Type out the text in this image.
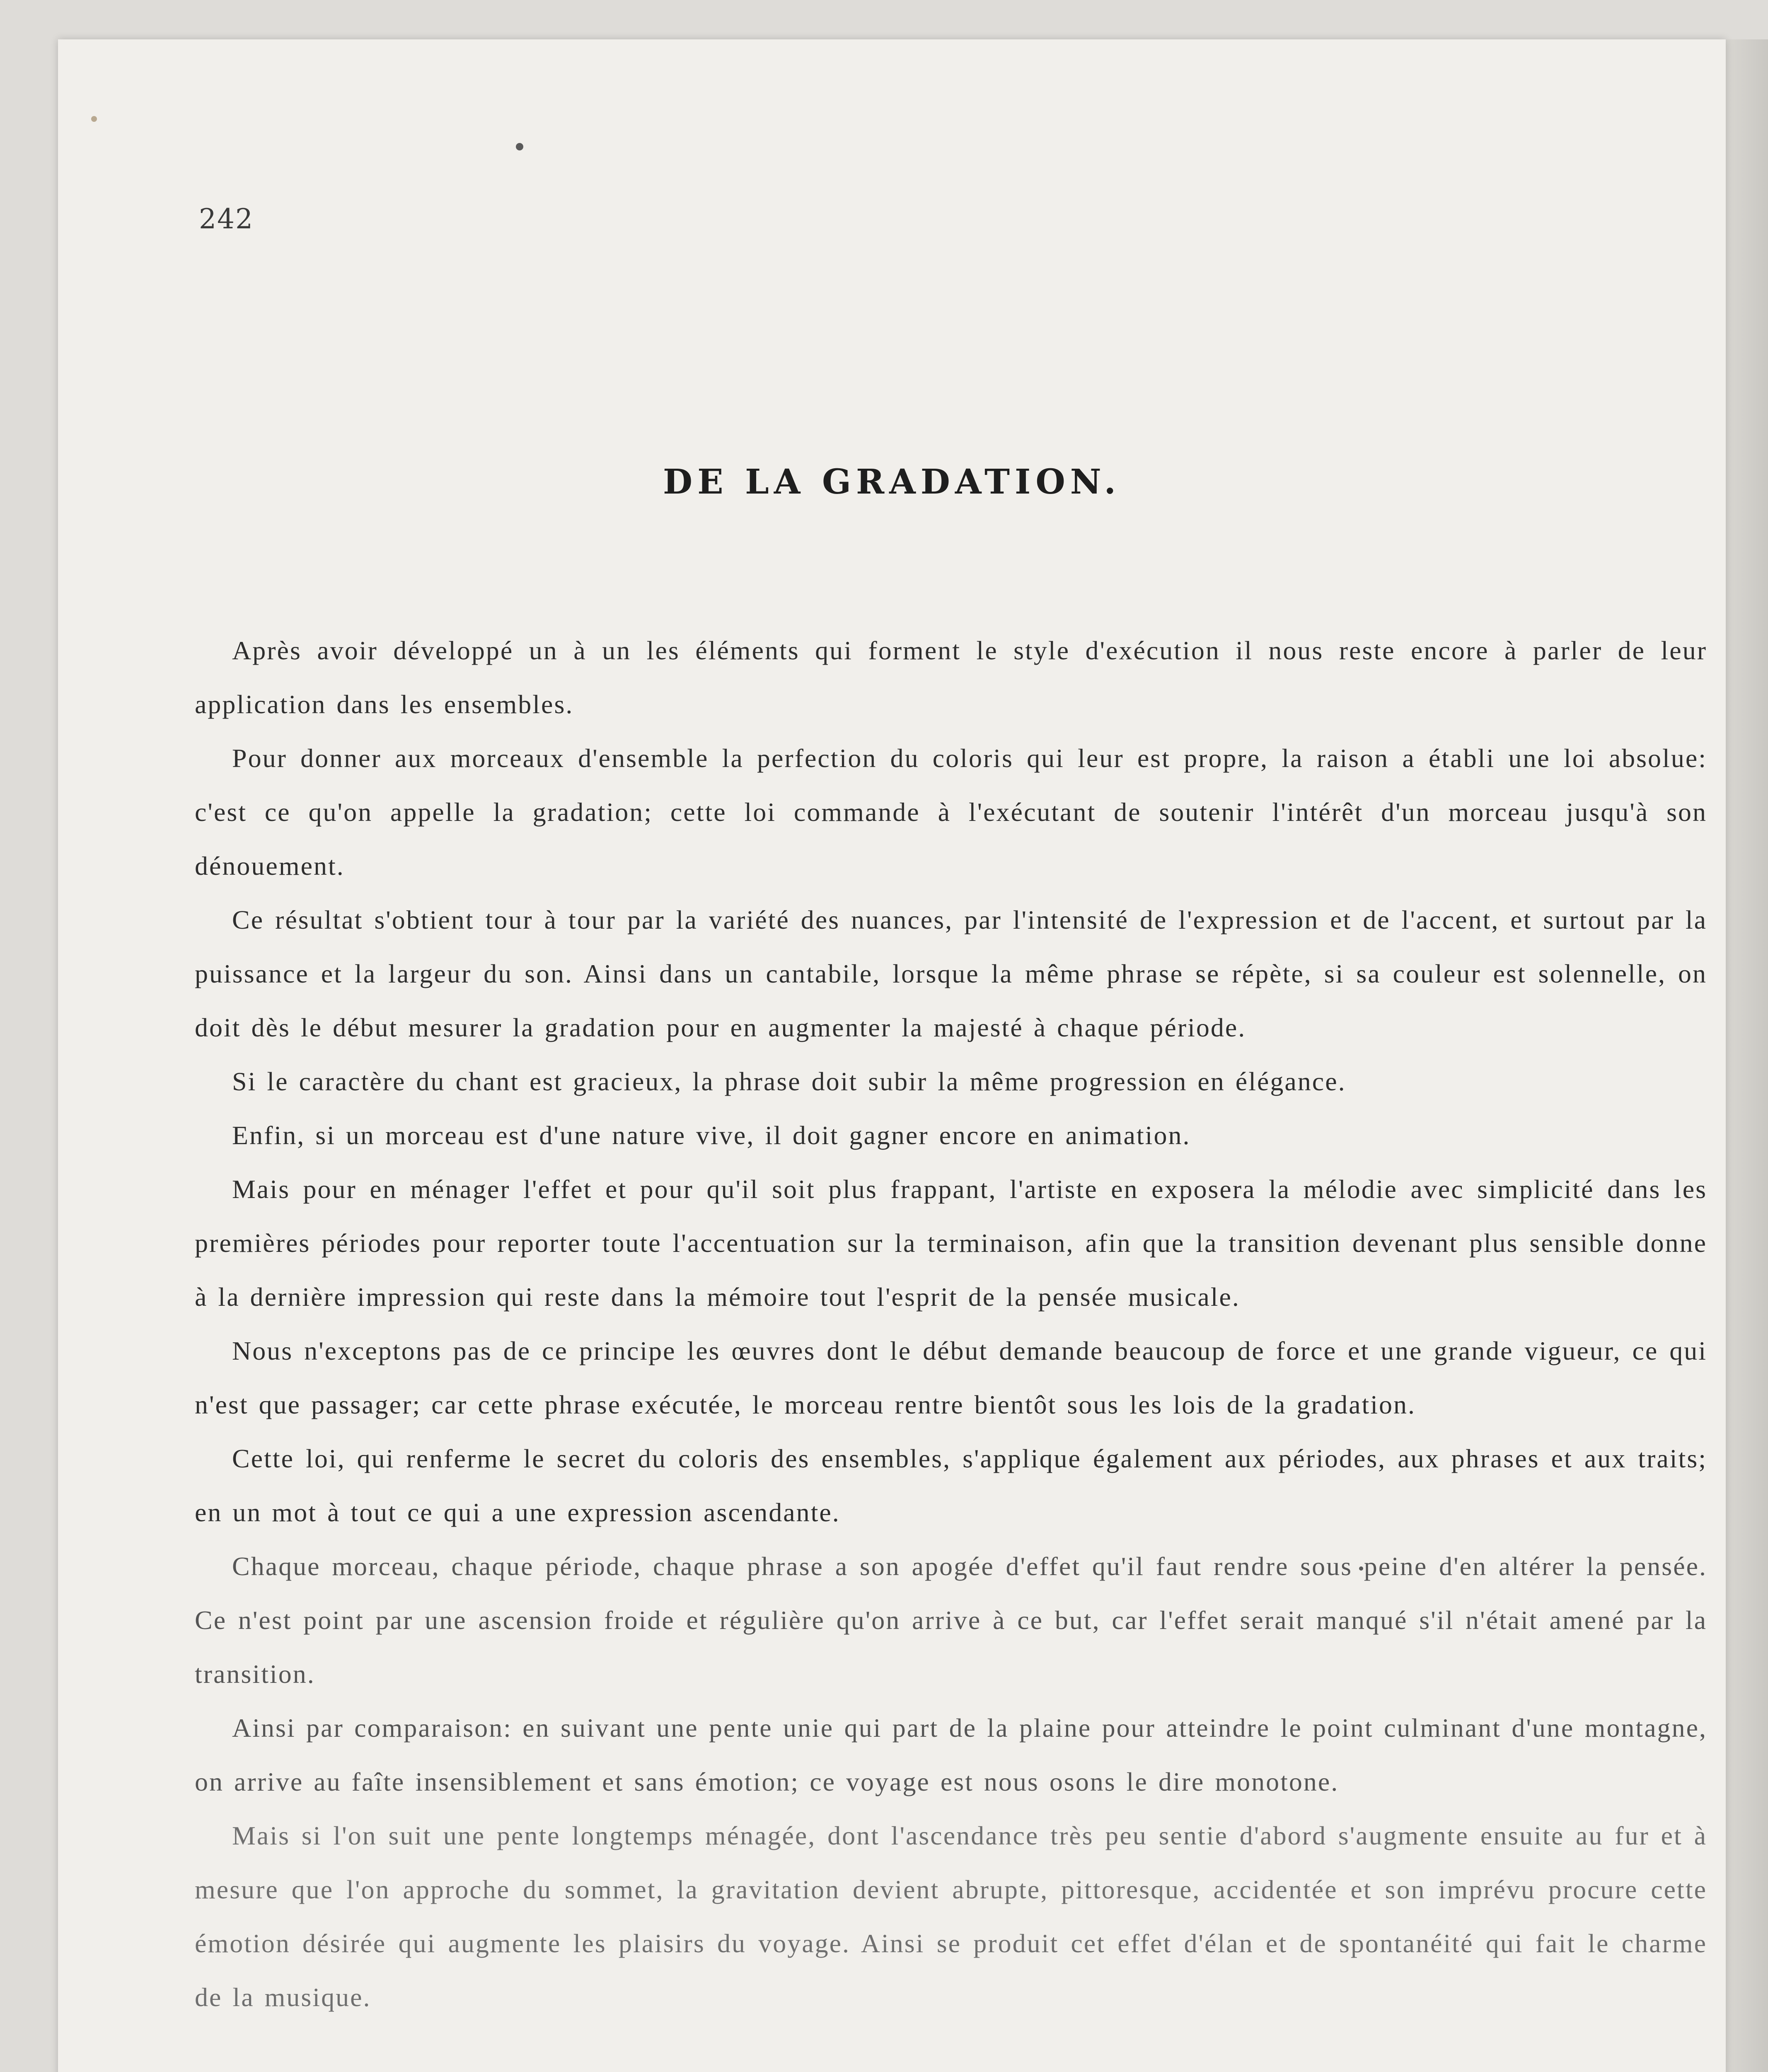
242
DE LA GRADATION.

Après avoir développé un à un les éléments qui forment le style d'exécution il nous reste encore à parler de leur application dans les ensembles.

Pour donner aux morceaux d'ensemble la perfection du coloris qui leur est propre, la raison a établi une loi absolue: c'est ce qu'on appelle la gradation; cette loi commande à l'exécutant de soutenir l'intérêt d'un morceau jusqu'à son dénouement.

Ce résultat s'obtient tour à tour par la variété des nuances, par l'intensité de l'expression et de l'accent, et surtout par la puissance et la largeur du son. Ainsi dans un cantabile, lorsque la même phrase se répète, si sa couleur est solennelle, on doit dès le début mesurer la gradation pour en augmenter la majesté à chaque période.

Si le caractère du chant est gracieux, la phrase doit subir la même progression en élégance.

Enfin, si un morceau est d'une nature vive, il doit gagner encore en animation.

Mais pour en ménager l'effet et pour qu'il soit plus frappant, l'artiste en exposera la mélodie avec simplicité dans les premières périodes pour reporter toute l'accentuation sur la terminaison, afin que la transition devenant plus sensible donne à la dernière impression qui reste dans la mémoire tout l'esprit de la pensée musicale.

Nous n'exceptons pas de ce principe les œuvres dont le début demande beaucoup de force et une grande vigueur, ce qui n'est que passager; car cette phrase exécutée, le morceau rentre bientôt sous les lois de la gradation.

Cette loi, qui renferme le secret du coloris des ensembles, s'applique également aux périodes, aux phrases et aux traits; en un mot à tout ce qui a une expression ascendante.

Chaque morceau, chaque période, chaque phrase a son apogée d'effet qu'il faut rendre sous peine d'en altérer la pensée. Ce n'est point par une ascension froide et régulière qu'on arrive à ce but, car l'effet serait manqué s'il n'était amené par la transition.

Ainsi par comparaison: en suivant une pente unie qui part de la plaine pour atteindre le point culminant d'une montagne, on arrive au faîte insensiblement et sans émotion; ce voyage est nous osons le dire monotone.

Mais si l'on suit une pente longtemps ménagée, dont l'ascendance très peu sentie d'abord s'augmente ensuite au fur et à mesure que l'on approche du sommet, la gravitation devient abrupte, pittoresque, accidentée et son imprévu procure cette émotion désirée qui augmente les plaisirs du voyage. Ainsi se produit cet effet d'élan et de spontanéité qui fait le charme de la musique.
